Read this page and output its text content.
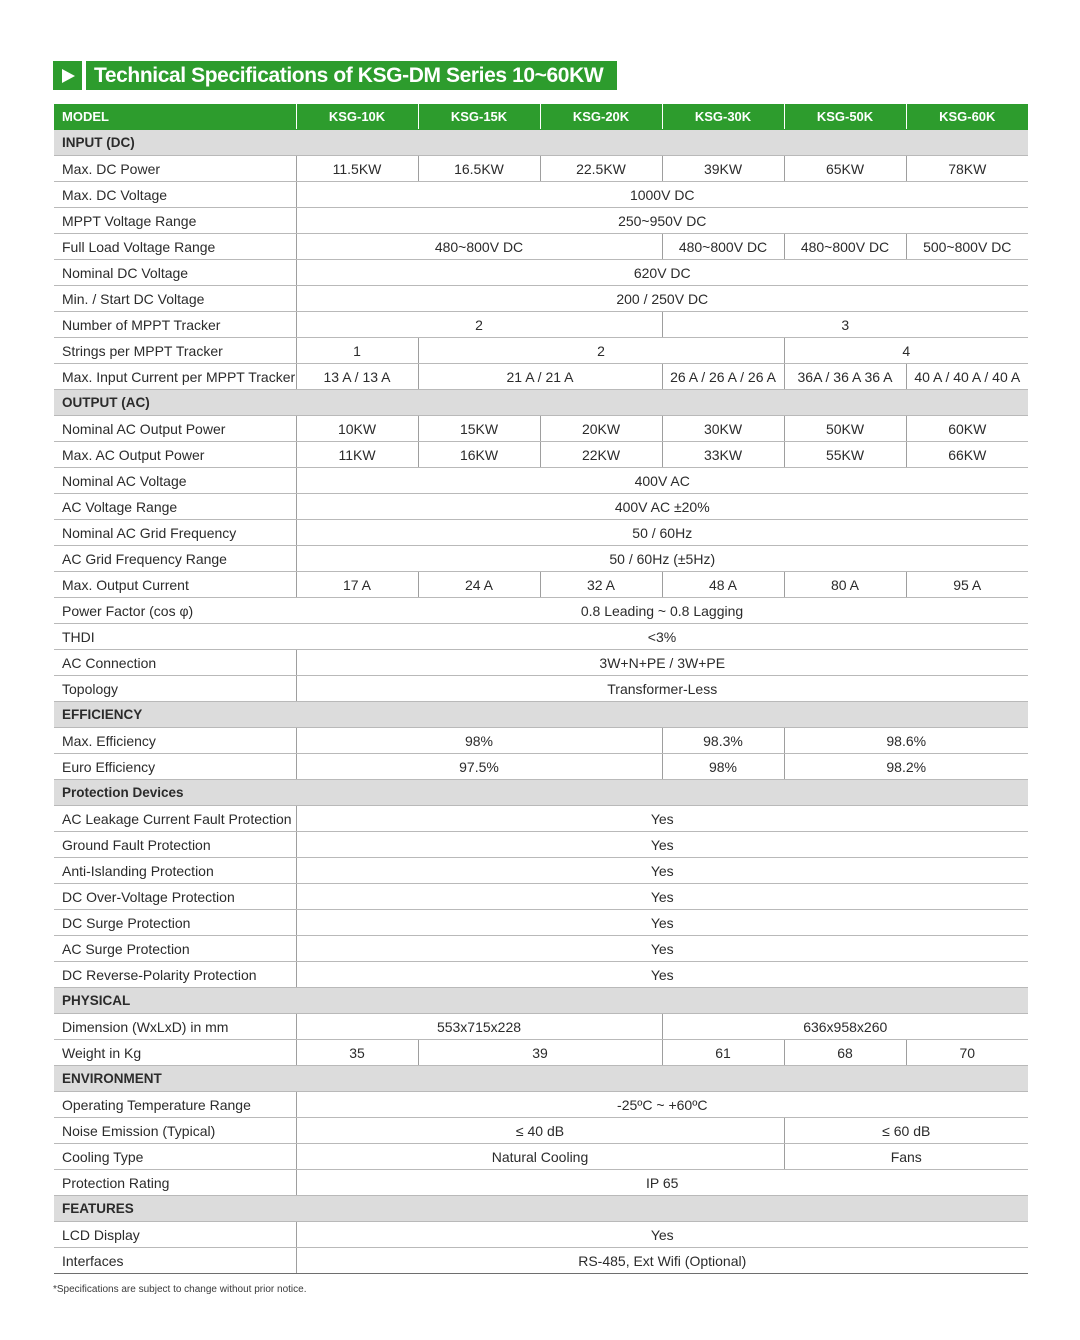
Technical Specifications of KSG-DM Series 10~60KW
MODEL	KSG-10K	KSG-15K	KSG-20K	KSG-30K	KSG-50K	KSG-60K
INPUT (DC)						
Max. DC Power	11.5KW	16.5KW	22.5KW	39KW	65KW	78KW
Max. DC Voltage	1000V DC					
MPPT Voltage Range	250~950V DC					
Full Load Voltage Range	480~800V DC			480~800V DC	480~800V DC	500~800V DC
Nominal DC Voltage	620V DC					
Min. / Start DC Voltage	200 / 250V DC					
Number of MPPT Tracker	2			3		
Strings per MPPT Tracker	1	2			4	
Max. Input Current per MPPT Tracker	13 A / 13 A	21 A / 21 A		26 A / 26 A / 26 A	36A / 36 A 36 A	40 A / 40 A / 40 A
OUTPUT (AC)						
Nominal AC Output Power	10KW	15KW	20KW	30KW	50KW	60KW
Max. AC Output Power	11KW	16KW	22KW	33KW	55KW	66KW
Nominal AC Voltage	400V AC					
AC Voltage Range	400V AC ±20%					
Nominal AC Grid Frequency	50 / 60Hz					
AC Grid Frequency Range	50 / 60Hz (±5Hz)					
Max. Output Current	17 A	24 A	32 A	48 A	80 A	95 A
Power Factor (cos φ)	0.8 Leading ~ 0.8 Lagging					
THDI	<3%					
AC Connection	3W+N+PE / 3W+PE					
Topology	Transformer-Less					
EFFICIENCY						
Max. Efficiency	98%			98.3%	98.6%	
Euro Efficiency	97.5%			98%	98.2%	
Protection Devices						
AC Leakage Current Fault Protection	Yes					
Ground Fault Protection	Yes					
Anti-Islanding Protection	Yes					
DC Over-Voltage Protection	Yes					
DC Surge Protection	Yes					
AC Surge Protection	Yes					
DC Reverse-Polarity Protection	Yes					
PHYSICAL						
Dimension (WxLxD) in mm	553x715x228			636x958x260		
Weight in Kg	35	39		61	68	70
ENVIRONMENT						
Operating Temperature Range	-25ºC ~ +60ºC					
Noise Emission (Typical)	≤ 40 dB				≤ 60 dB	
Cooling Type	Natural Cooling				Fans	
Protection Rating	IP 65					
FEATURES						
LCD Display	Yes					
Interfaces	RS-485, Ext Wifi (Optional)					
*Specifications are subject to change without prior notice.
